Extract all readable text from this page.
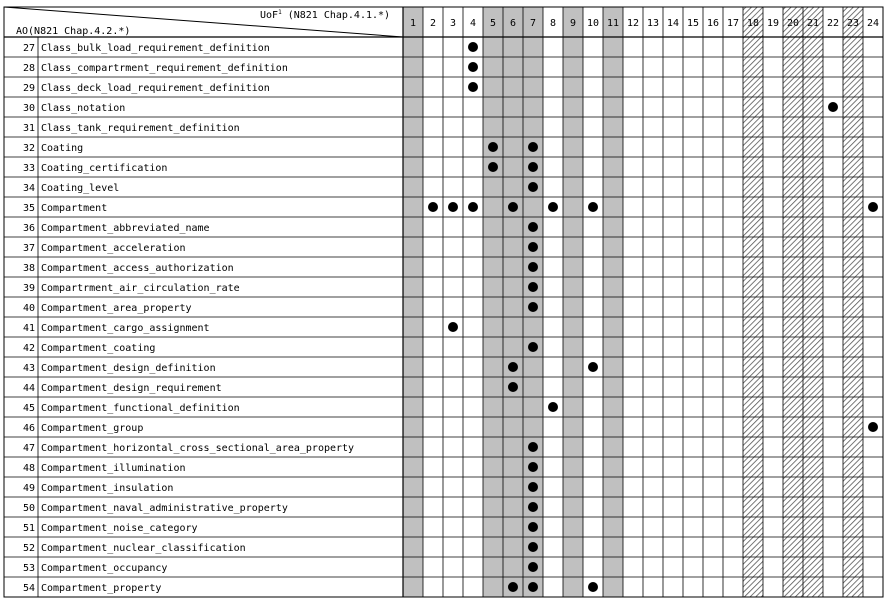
UoF$^1$ (N821 Chap.4.1.*)
AO(N821 Chap.4.2.*)
1 2 3 4 5 6 7 8 9 10 11 12 13 14 15 16 17 18 19 20 21 22 23 24
27 Class_bulk_load_requirement_definition
28 Class_compartrment_requirement_definition
29 Class_deck_load_requirement_definition
30 Class_notation
31 Class_tank_requirement_definition
32 Coating
33 Coating_certification
34 Coating_level
35 Compartment
36 Compartment_abbreviated_name
37 Compartment_acceleration
38 Compartment_access_authorization
39 Compartrment_air_circulation_rate
40 Compartment_area_property
41 Compartment_cargo_assignment
42 Compartment_coating
43 Compartment_design_definition
44 Compartment_design_requirement
45 Compartment_functional_definition
46 Compartment_group
47 Compartment_horizontal_cross_sectional_area_property
48 Compartment_illumination
49 Compartment_insulation
50 Compartment_naval_administrative_property
51 Compartment_noise_category
52 Compartment_nuclear_classification
53 Compartment_occupancy
54 Compartment_property
